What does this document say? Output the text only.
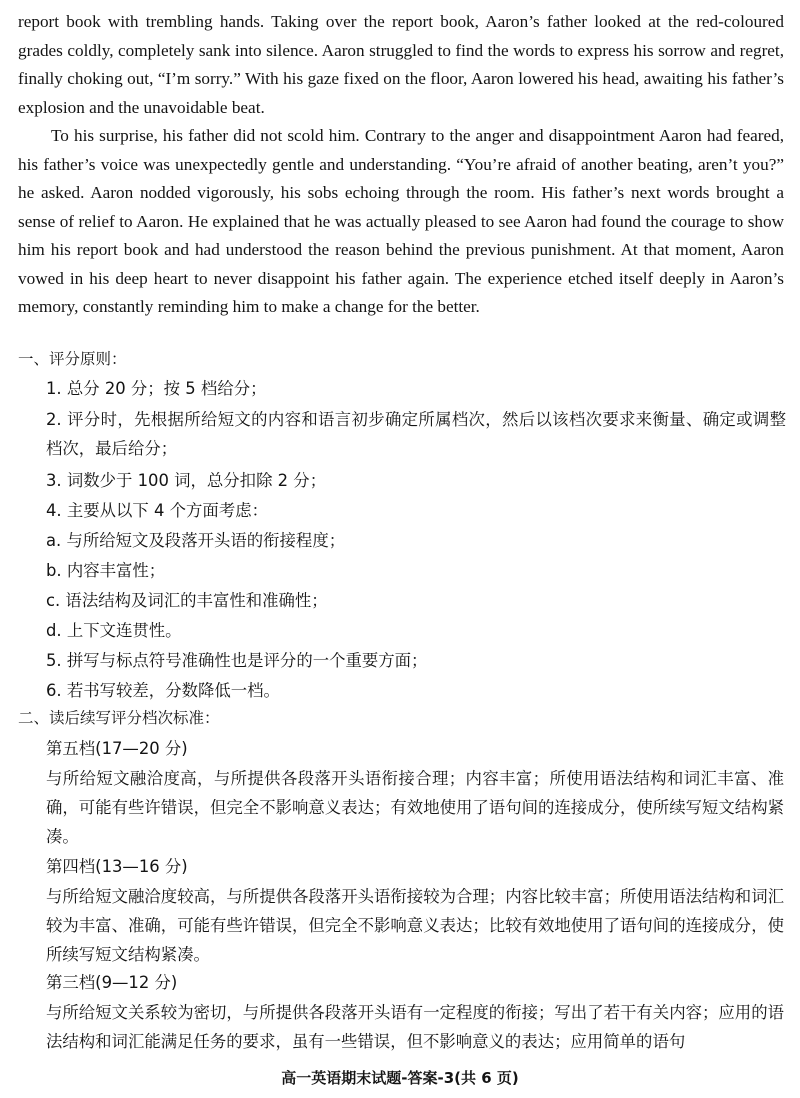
report book with trembling hands. Taking over the report book, Aaron’s father looked at the red-coloured grades coldly, completely sank into silence. Aaron struggled to find the words to express his sorrow and regret, finally choking out, “I’m sorry.” With his gaze fixed on the floor, Aaron lowered his head, awaiting his father’s explosion and the unavoidable beat.

To his surprise, his father did not scold him. Contrary to the anger and disappointment Aaron had feared, his father’s voice was unexpectedly gentle and understanding. “You’re afraid of another beating, aren’t you?” he asked. Aaron nodded vigorously, his sobs echoing through the room. His father’s next words brought a sense of relief to Aaron. He explained that he was actually pleased to see Aaron had found the courage to show him his report book and had understood the reason behind the previous punishment. At that moment, Aaron vowed in his deep heart to never disappoint his father again. The experience etched itself deeply in Aaron’s memory, constantly reminding him to make a change for the better.

一、评分原则：

1. 总分 20 分；按 5 档给分；

2. 评分时，先根据所给短文的内容和语言初步确定所属档次，然后以该档次要求来衡量、确定或调整档次，最后给分；

3. 词数少于 100 词，总分扣除 2 分；

4. 主要从以下 4 个方面考虑：

a. 与所给短文及段落开头语的衔接程度；

b. 内容丰富性；

c. 语法结构及词汇的丰富性和准确性；

d. 上下文连贯性。

5. 拼写与标点符号准确性也是评分的一个重要方面；

6. 若书写较差，分数降低一档。

二、读后续写评分档次标准：

第五档(17—20 分)

与所给短文融洽度高，与所提供各段落开头语衔接合理；内容丰富；所使用语法结构和词汇丰富、准确，可能有些许错误，但完全不影响意义表达；有效地使用了语句间的连接成分，使所续写短文结构紧凑。

第四档(13—16 分)

与所给短文融洽度较高，与所提供各段落开头语衔接较为合理；内容比较丰富；所使用语法结构和词汇较为丰富、准确，可能有些许错误，但完全不影响意义表达；比较有效地使用了语句间的连接成分，使所续写短文结构紧凑。

第三档(9—12 分)

与所给短文关系较为密切，与所提供各段落开头语有一定程度的衔接；写出了若干有关内容；应用的语法结构和词汇能满足任务的要求，虽有一些错误，但不影响意义的表达；应用简单的语句

高一英语期末试题-答案-3(共 6 页)
